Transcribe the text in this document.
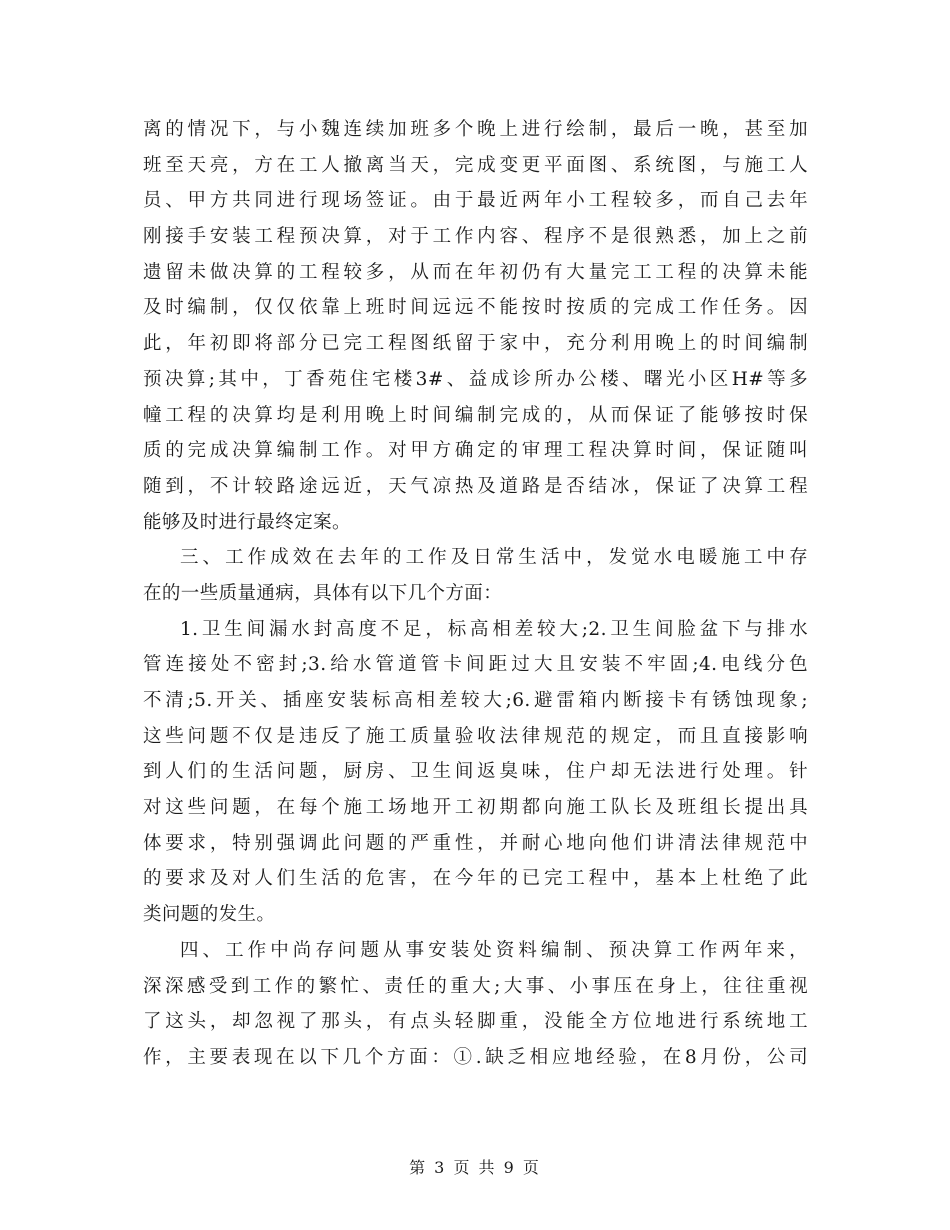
离的情况下，与小魏连续加班多个晚上进行绘制，最后一晚，甚至加
班至天亮，方在工人撤离当天，完成变更平面图、系统图，与施工人
员、甲方共同进行现场签证。由于最近两年小工程较多，而自己去年
刚接手安装工程预决算，对于工作内容、程序不是很熟悉，加上之前
遗留未做决算的工程较多，从而在年初仍有大量完工工程的决算未能
及时编制，仅仅依靠上班时间远远不能按时按质的完成工作任务。因
此，年初即将部分已完工程图纸留于家中，充分利用晚上的时间编制
预决算;其中，丁香苑住宅楼3#、益成诊所办公楼、曙光小区H#等多
幢工程的决算均是利用晚上时间编制完成的，从而保证了能够按时保
质的完成决算编制工作。对甲方确定的审理工程决算时间，保证随叫
随到，不计较路途远近，天气凉热及道路是否结冰，保证了决算工程
能够及时进行最终定案。
三、工作成效在去年的工作及日常生活中，发觉水电暖施工中存
在的一些质量通病，具体有以下几个方面：
1.卫生间漏水封高度不足，标高相差较大;2.卫生间脸盆下与排水
管连接处不密封;3.给水管道管卡间距过大且安装不牢固;4.电线分色
不清;5.开关、插座安装标高相差较大;6.避雷箱内断接卡有锈蚀现象;
这些问题不仅是违反了施工质量验收法律规范的规定，而且直接影响
到人们的生活问题，厨房、卫生间返臭味，住户却无法进行处理。针
对这些问题，在每个施工场地开工初期都向施工队长及班组长提出具
体要求，特别强调此问题的严重性，并耐心地向他们讲清法律规范中
的要求及对人们生活的危害，在今年的已完工程中，基本上杜绝了此
类问题的发生。
四、工作中尚存问题从事安装处资料编制、预决算工作两年来，
深深感受到工作的繁忙、责任的重大;大事、小事压在身上，往往重视
了这头，却忽视了那头，有点头轻脚重，没能全方位地进行系统地工
作，主要表现在以下几个方面：①.缺乏相应地经验，在8月份，公司
第 3 页 共 9 页
